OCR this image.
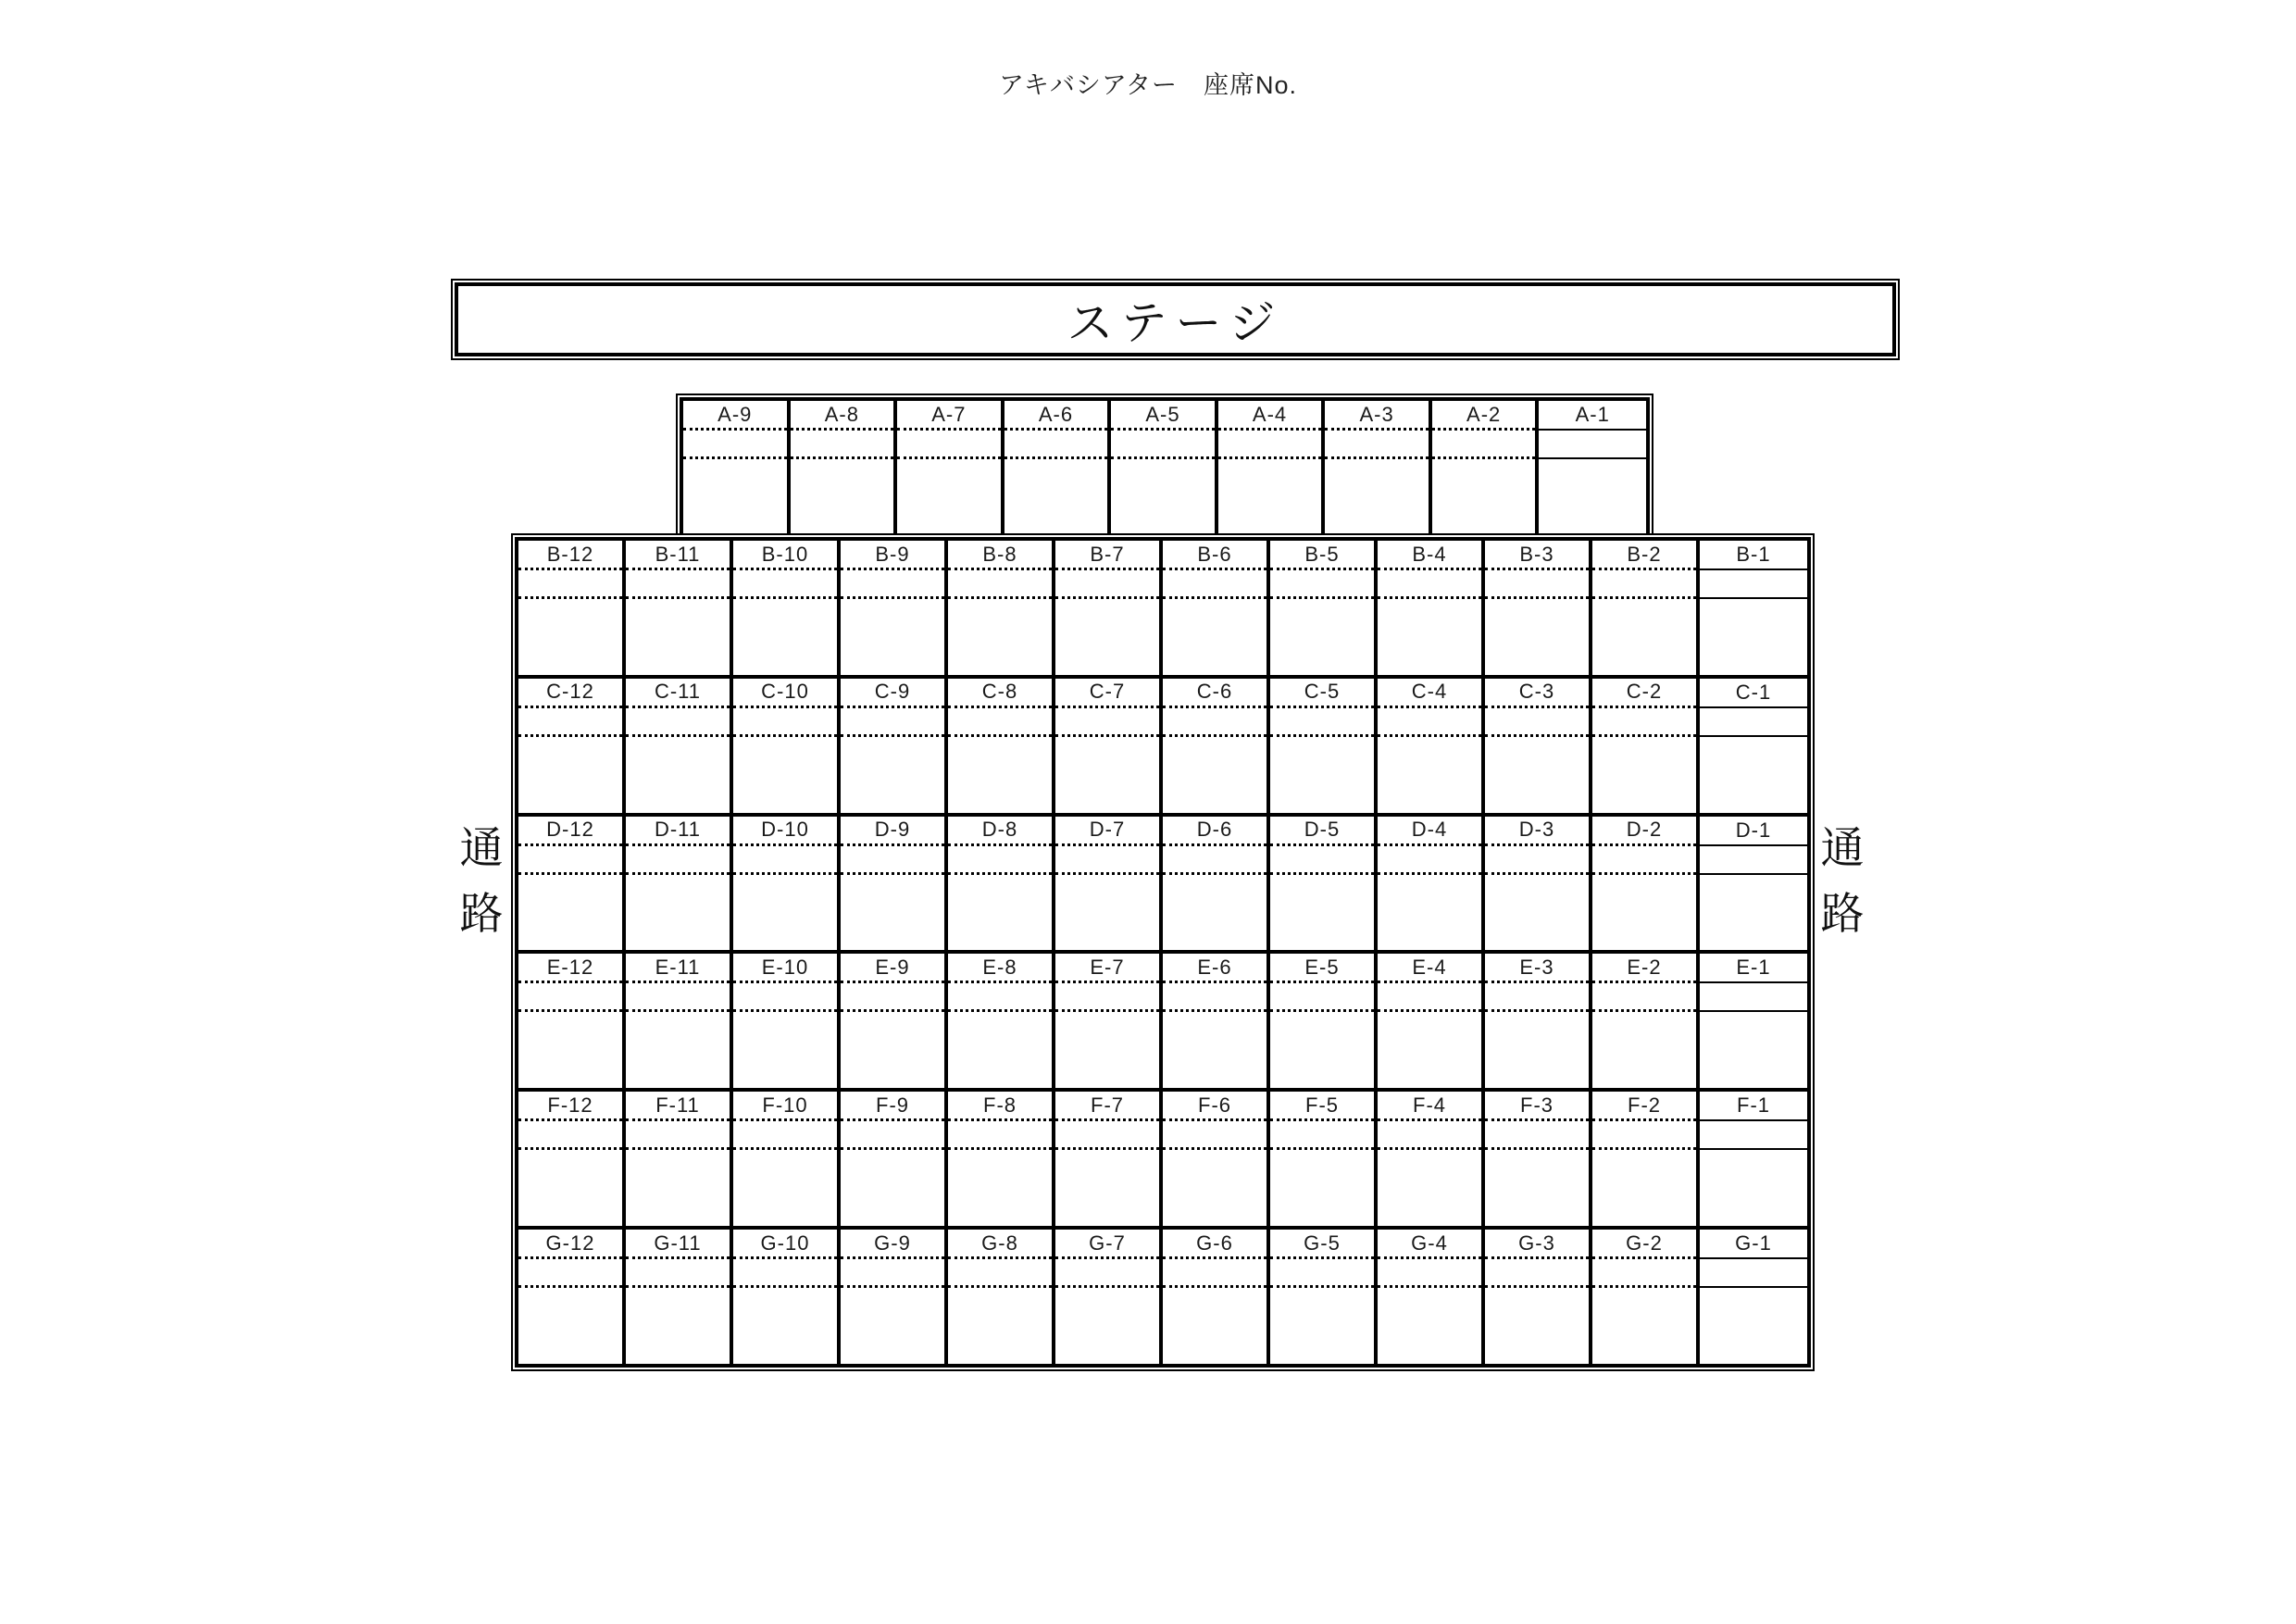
アキバシアター　座席No.
ステージ
A-9	A-8	A-7	A-6	A-5	A-4	A-3	A-2	A-1
B-12	B-11	B-10	B-9	B-8	B-7	B-6	B-5	B-4	B-3	B-2	B-1
C-12	C-11	C-10	C-9	C-8	C-7	C-6	C-5	C-4	C-3	C-2	C-1
D-12	D-11	D-10	D-9	D-8	D-7	D-6	D-5	D-4	D-3	D-2	D-1
E-12	E-11	E-10	E-9	E-8	E-7	E-6	E-5	E-4	E-3	E-2	E-1
F-12	F-11	F-10	F-9	F-8	F-7	F-6	F-5	F-4	F-3	F-2	F-1
G-12	G-11	G-10	G-9	G-8	G-7	G-6	G-5	G-4	G-3	G-2	G-1
通
路
通
路
